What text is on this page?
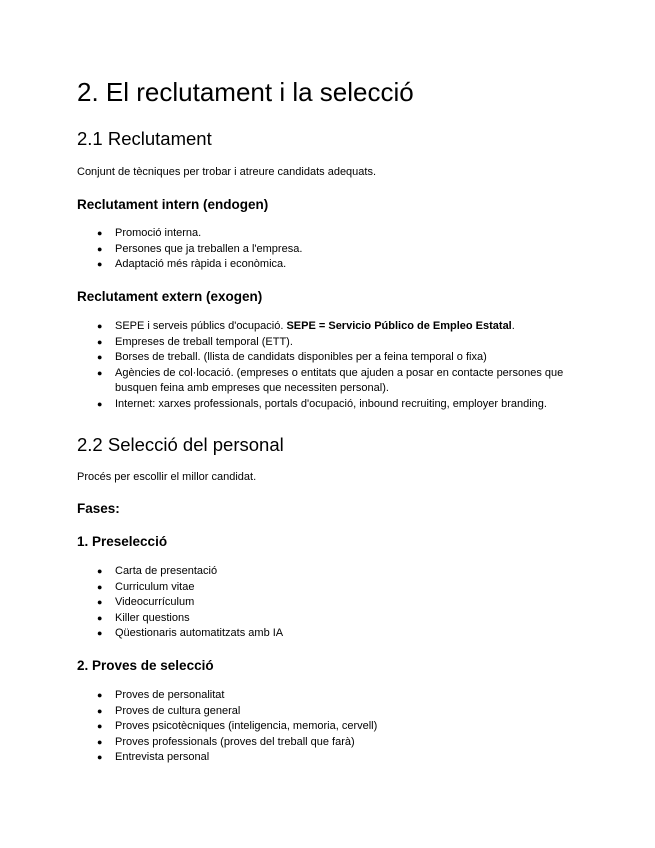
2. El reclutament i la selecció
2.1 Reclutament

Conjunt de tècniques per trobar i atreure candidats adequats.

Reclutament intern (endogen)
● Promoció interna.
● Persones que ja treballen a l'empresa.
● Adaptació més ràpida i econòmica.
Reclutament extern (exogen)
● SEPE i serveis públics d'ocupació. SEPE = Servicio Público de Empleo Estatal.
● Empreses de treball temporal (ETT).
● Borses de treball. (llista de candidats disponibles per a feina temporal o fixa)
● Agències de col·locació. (empreses o entitats que ajuden a posar en contacte persones que busquen feina amb empreses que necessiten personal).
● Internet: xarxes professionals, portals d'ocupació, inbound recruiting, employer branding.
2.2 Selecció del personal

Procés per escollir el millor candidat.

Fases:
1. Preselecció
● Carta de presentació
● Curriculum vitae
● Videocurrículum
● Killer questions
● Qüestionaris automatitzats amb IA
2. Proves de selecció
● Proves de personalitat
● Proves de cultura general
● Proves psicotècniques (inteligencia, memoria, cervell)
● Proves professionals (proves del treball que farà)
● Entrevista personal
